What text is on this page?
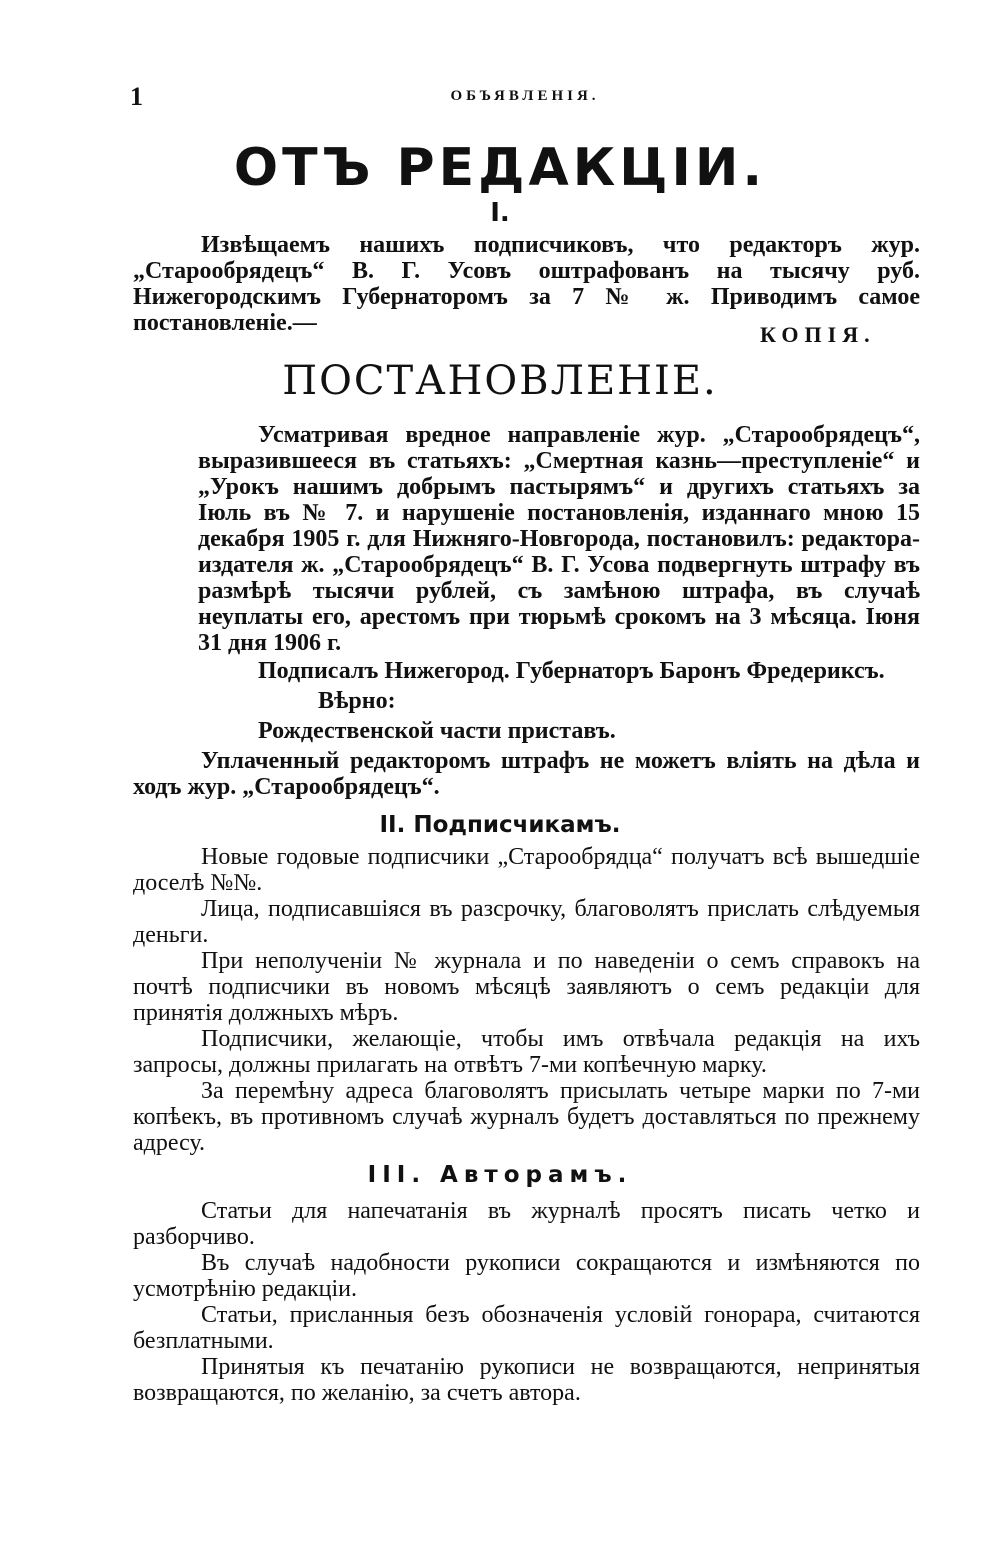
1	ОБЪЯВЛЕНІЯ.
ОТЪ РЕДАКЦІИ.
I.

Извѣщаемъ нашихъ подписчиковъ, что редакторъ жур. „Старообрядецъ“ В. Г. Усовъ оштрафованъ на тысячу руб. Нижегородскимъ Губернаторомъ за 7 № ж. Приводимъ самое постановленіе.—	КОПІЯ.
ПОСТАНОВЛЕНІЕ.

Усматривая вредное направленіе жур. „Старообрядецъ“, выразившееся въ статьяхъ: „Смертная казнь—преступленіе“ и „Урокъ нашимъ добрымъ пастырямъ“ и другихъ статьяхъ за Іюль въ № 7. и нарушеніе постановленія, изданнаго мною 15 декабря 1905 г. для Нижняго-Новгорода, постановилъ: редактора-издателя ж. „Старообрядецъ“ В. Г. Усова подвергнуть штрафу въ размѣрѣ тысячи рублей, съ замѣною штрафа, въ случаѣ неуплаты его, арестомъ при тюрьмѣ срокомъ на 3 мѣсяца. Іюня 31 дня 1906 г.

Подписалъ Нижегород. Губернаторъ Баронъ Фредериксъ.
Вѣрно:
Рождественской части приставъ.

Уплаченный редакторомъ штрафъ не можетъ вліять на дѣла и ходъ жур. „Старообрядецъ“.

II. Подписчикамъ.

Новые годовые подписчики „Старообрядца“ получатъ всѣ вышедшіе доселѣ №№.

Лица, подписавшіяся въ разсрочку, благоволятъ прислать слѣдуемыя деньги.

При неполученіи № журнала и по наведеніи о семъ справокъ на почтѣ подписчики въ новомъ мѣсяцѣ заявляютъ о семъ редакціи для принятія должныхъ мѣръ.

Подписчики, желающіе, чтобы имъ отвѣчала редакція на ихъ запросы, должны прилагать на отвѣтъ 7-ми копѣечную марку.

За перемѣну адреса благоволятъ присылать четыре марки по 7-ми копѣекъ, въ противномъ случаѣ журналъ будетъ доставляться по прежнему адресу.

III. Авторамъ.

Статьи для напечатанія въ журналѣ просятъ писать четко и разборчиво.

Въ случаѣ надобности рукописи сокращаются и измѣняются по усмотрѣнію редакціи.

Статьи, присланныя безъ обозначенія условій гонорара, считаются безплатными.

Принятыя къ печатанію рукописи не возвращаются, непринятыя возвращаются, по желанію, за счетъ автора.
